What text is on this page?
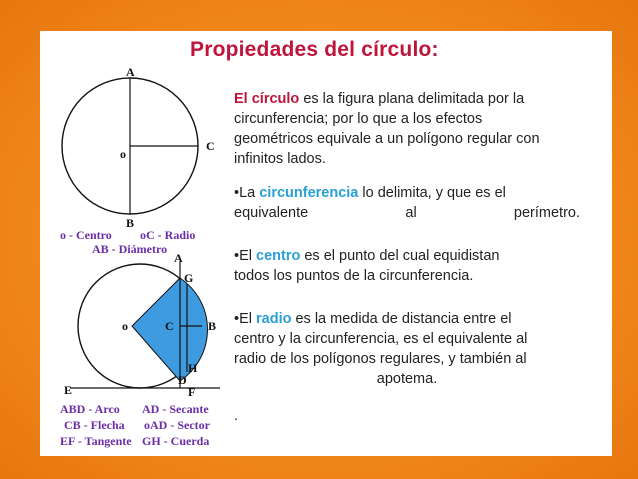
Propiedades del círculo:
El círculo es la figura plana delimitada por la
circunferencia; por lo que a los efectos
geométricos equivale a un polígono regular con
infinitos lados.
•La circunferencia lo delimita, y que es el
equivalente	al	perímetro.
•El centro es el punto del cual equidistan
todos los puntos de la circunferencia.
•El radio es la medida de distancia entre el
centro y la circunferencia, es el equivalente al
radio de los polígonos regulares, y también al
apotema.
.
A
B
C
o
o - Centro oC - Radio
AB - Diámetro
A
G
o	C	B
H
D
E	F
ABD - Arco AD - Secante
CB - Flecha oAD - Sector
EF - Tangente GH - Cuerda
